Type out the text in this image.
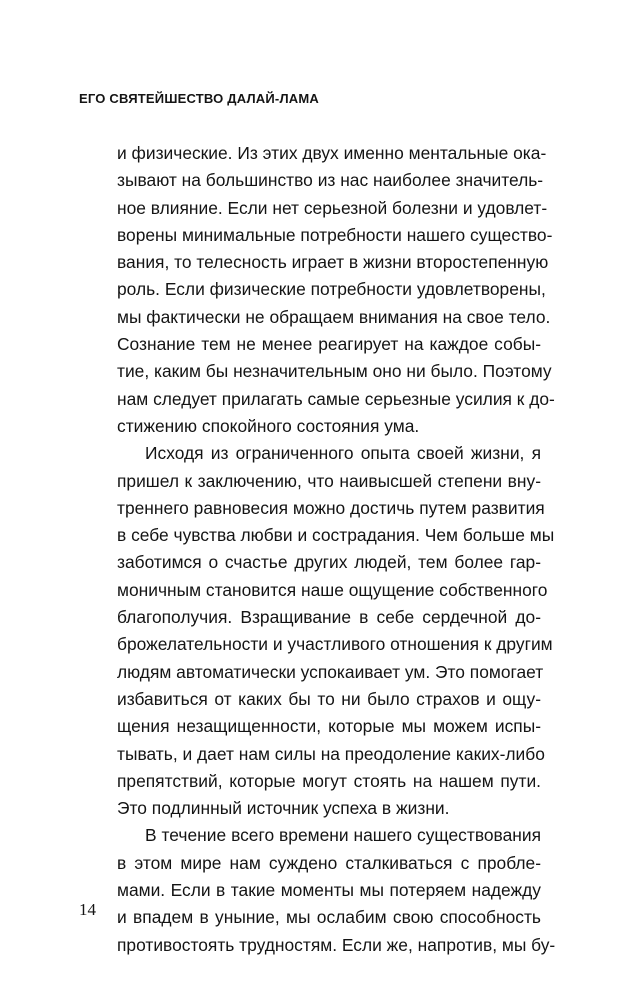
ЕГО СВЯТЕЙШЕСТВО ДАЛАЙ-ЛАМА
и физические. Из этих двух именно ментальные ока-
зывают на большинство из нас наиболее значитель-
ное влияние. Если нет серьезной болезни и удовлет-
ворены минимальные потребности нашего существо-
вания, то телесность играет в жизни второстепенную
роль. Если физические потребности удовлетворены,
мы фактически не обращаем внимания на свое тело.
Сознание тем не менее реагирует на каждое собы-
тие, каким бы незначительным оно ни было. Поэтому
нам следует прилагать самые серьезные усилия к до-
стижению спокойного состояния ума.
Исходя из ограниченного опыта своей жизни, я
пришел к заключению, что наивысшей степени вну-
треннего равновесия можно достичь путем развития
в себе чувства любви и сострадания. Чем больше мы
заботимся о счастье других людей, тем более гар-
моничным становится наше ощущение собственного
благополучия. Взращивание в себе сердечной до-
брожелательности и участливого отношения к другим
людям автоматически успокаивает ум. Это помогает
избавиться от каких бы то ни было страхов и ощу-
щения незащищенности, которые мы можем испы-
тывать, и дает нам силы на преодоление каких-либо
препятствий, которые могут стоять на нашем пути.
Это подлинный источник успеха в жизни.
В течение всего времени нашего существования
в этом мире нам суждено сталкиваться с пробле-
мами. Если в такие моменты мы потеряем надежду
и впадем в уныние, мы ослабим свою способность
противостоять трудностям. Если же, напротив, мы бу-
14
